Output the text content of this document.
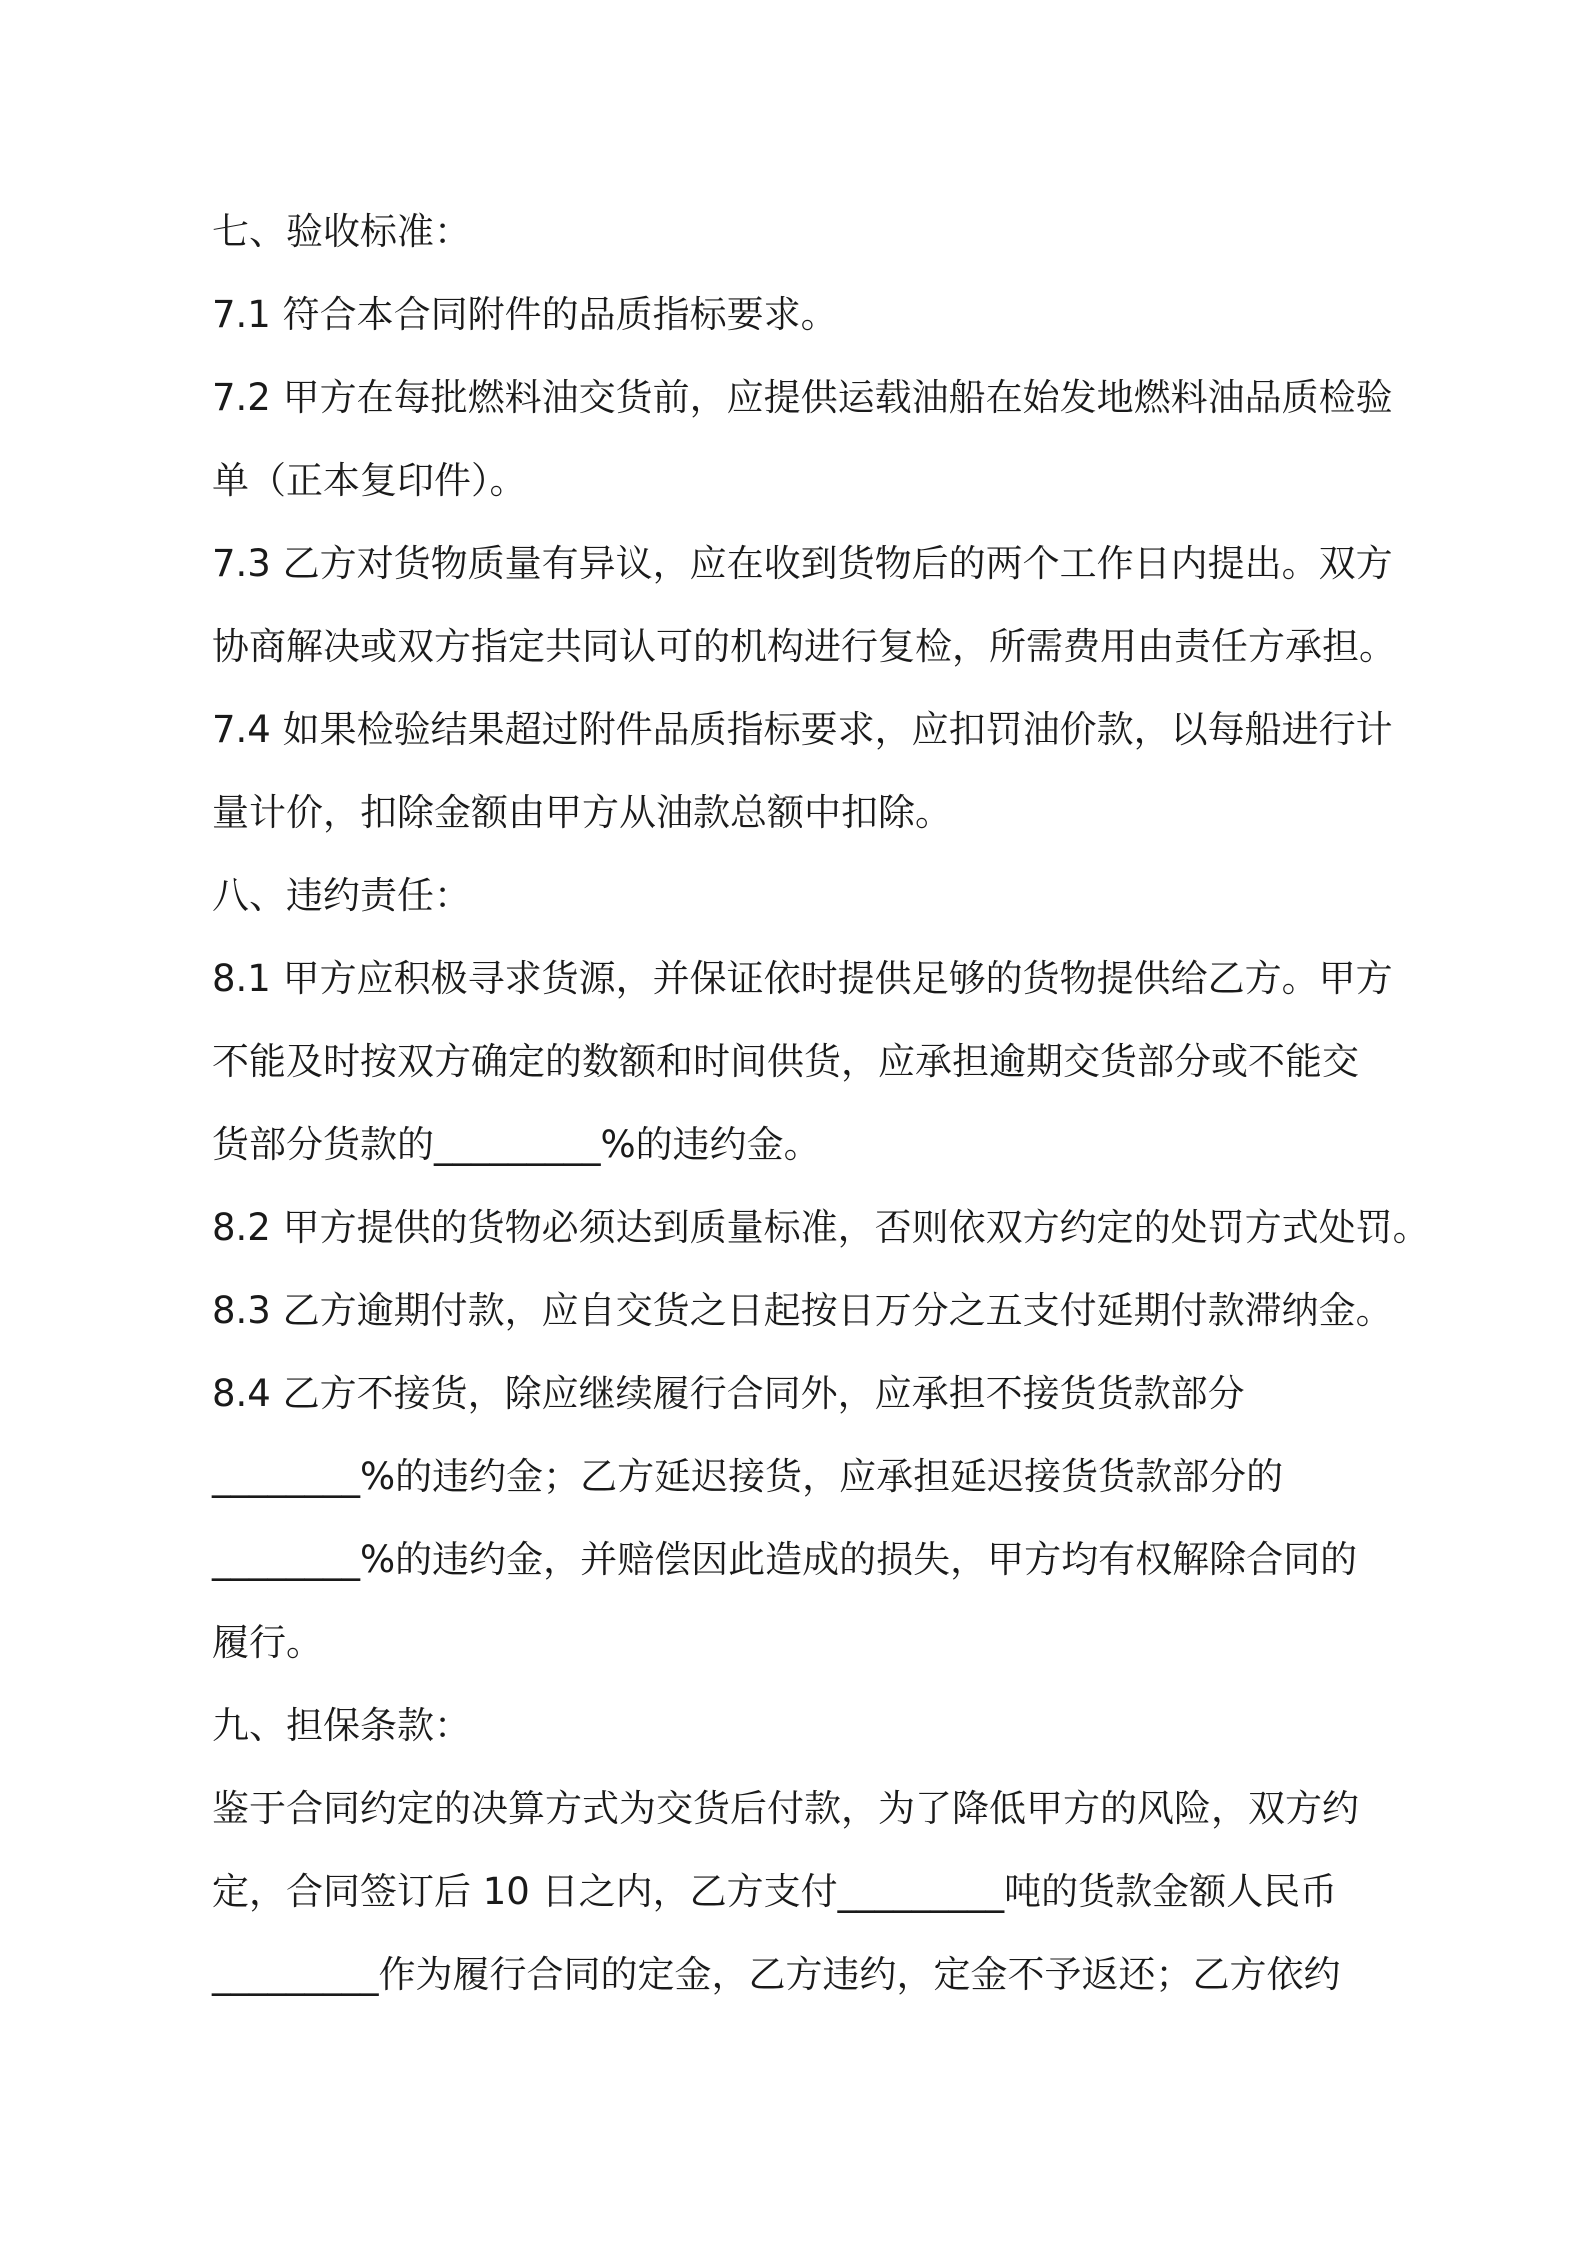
七、验收标准：
7.1 符合本合同附件的品质指标要求。
7.2 甲方在每批燃料油交货前，应提供运载油船在始发地燃料油品质检验
单（正本复印件）。
7.3 乙方对货物质量有异议，应在收到货物后的两个工作日内提出。双方
协商解决或双方指定共同认可的机构进行复检，所需费用由责任方承担。
7.4 如果检验结果超过附件品质指标要求，应扣罚油价款，以每船进行计
量计价，扣除金额由甲方从油款总额中扣除。
八、违约责任：
8.1 甲方应积极寻求货源，并保证依时提供足够的货物提供给乙方。甲方
不能及时按双方确定的数额和时间供货，应承担逾期交货部分或不能交
货部分货款的_________%的违约金。
8.2 甲方提供的货物必须达到质量标准，否则依双方约定的处罚方式处罚。
8.3 乙方逾期付款，应自交货之日起按日万分之五支付延期付款滞纳金。
8.4 乙方不接货，除应继续履行合同外，应承担不接货货款部分
________%的违约金；乙方延迟接货，应承担延迟接货货款部分的
________%的违约金，并赔偿因此造成的损失，甲方均有权解除合同的
履行。
九、担保条款：
鉴于合同约定的决算方式为交货后付款，为了降低甲方的风险，双方约
定，合同签订后 10 日之内，乙方支付_________吨的货款金额人民币
_________作为履行合同的定金，乙方违约，定金不予返还；乙方依约
